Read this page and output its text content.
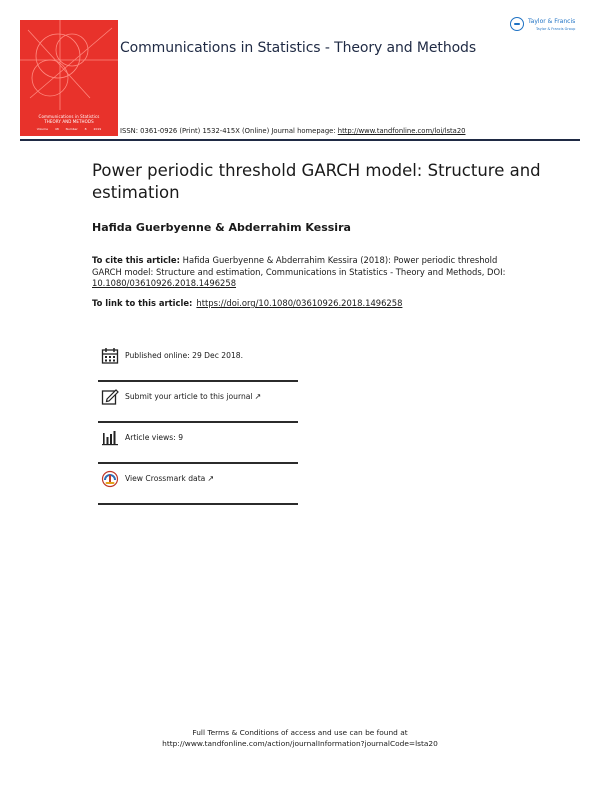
Communications in Statistics
THEORY AND METHODS
Volume 48 Number 8 2019
Communications in Statistics - Theory and Methods
Taylor & Francis
Taylor & Francis Group
ISSN: 0361-0926 (Print) 1532-415X (Online) Journal homepage: http://www.tandfonline.com/loi/lsta20
Power periodic threshold GARCH model: Structure and estimation
Hafida Guerbyenne & Abderrahim Kessira
To cite this article: Hafida Guerbyenne & Abderrahim Kessira (2018): Power periodic threshold GARCH model: Structure and estimation, Communications in Statistics - Theory and Methods, DOI: 10.1080/03610926.2018.1496258
To link to this article: https://doi.org/10.1080/03610926.2018.1496258
Published online: 29 Dec 2018.
Submit your article to this journal ↗
Article views: 9
View Crossmark data ↗
Full Terms & Conditions of access and use can be found at
http://www.tandfonline.com/action/journalInformation?journalCode=lsta20
